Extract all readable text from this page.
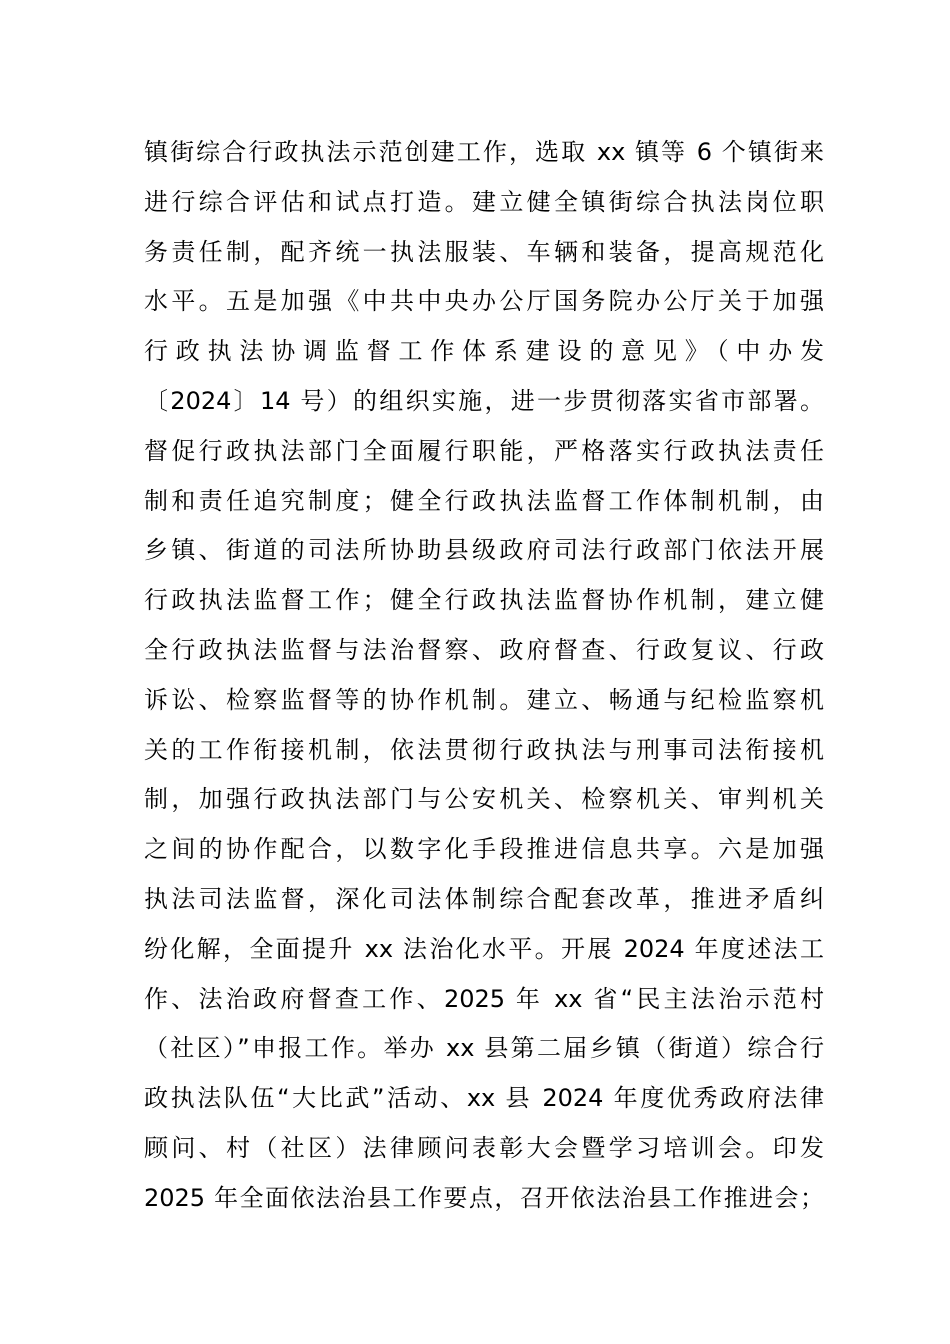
镇街综合行政执法示范创建工作，选取 xx 镇等 6 个镇街来
进行综合评估和试点打造。建立健全镇街综合执法岗位职
务责任制，配齐统一执法服装、车辆和装备，提高规范化
水平。五是加强《中共中央办公厅国务院办公厅关于加强
行政执法协调监督工作体系建设的意见》（中办发
〔2024〕14 号）的组织实施，进一步贯彻落实省市部署。
督促行政执法部门全面履行职能，严格落实行政执法责任
制和责任追究制度；健全行政执法监督工作体制机制，由
乡镇、街道的司法所协助县级政府司法行政部门依法开展
行政执法监督工作；健全行政执法监督协作机制，建立健
全行政执法监督与法治督察、政府督查、行政复议、行政
诉讼、检察监督等的协作机制。建立、畅通与纪检监察机
关的工作衔接机制，依法贯彻行政执法与刑事司法衔接机
制，加强行政执法部门与公安机关、检察机关、审判机关
之间的协作配合，以数字化手段推进信息共享。六是加强
执法司法监督，深化司法体制综合配套改革，推进矛盾纠
纷化解，全面提升 xx 法治化水平。开展 2024 年度述法工
作、法治政府督查工作、2025 年 xx 省“民主法治示范村
（社区）”申报工作。举办 xx 县第二届乡镇（街道）综合行
政执法队伍“大比武”活动、xx 县 2024 年度优秀政府法律
顾问、村（社区）法律顾问表彰大会暨学习培训会。印发
2025 年全面依法治县工作要点，召开依法治县工作推进会；
